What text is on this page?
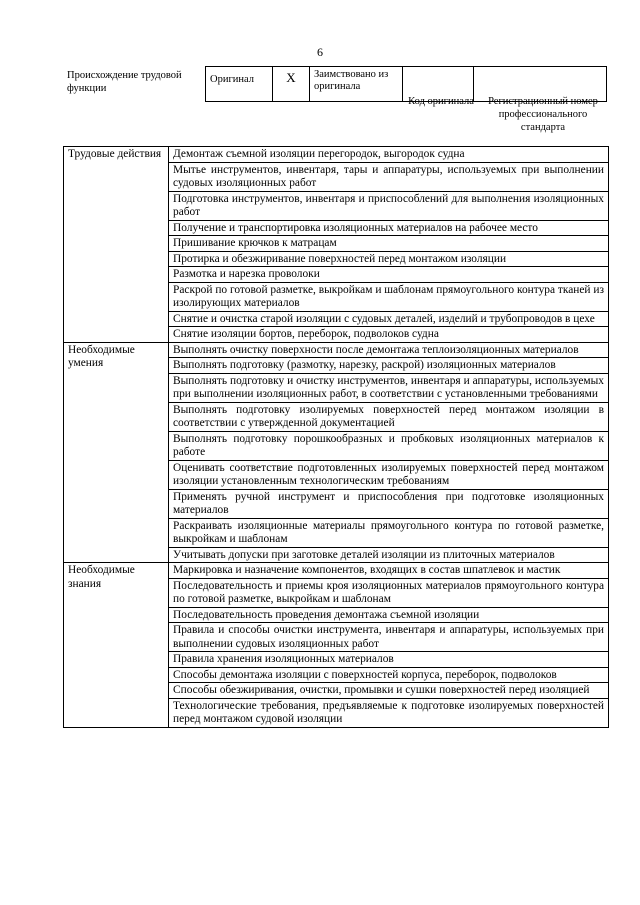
6
Происхождение трудовой функции
Оригинал	X	Заимствовано из оригинала		
Код оригинала	Регистрационный номер профессионального стандарта
Трудовые действия	Демонтаж съемной изоляции перегородок, выгородок судна
	Мытье инструментов, инвентаря, тары и аппаратуры, используемых при выполнении судовых изоляционных работ
	Подготовка инструментов, инвентаря и приспособлений для выполнения изоляционных работ
	Получение и транспортировка изоляционных материалов на рабочее место
	Пришивание крючков к матрацам
	Протирка и обезжиривание поверхностей перед монтажом изоляции
	Размотка и нарезка проволоки
	Раскрой по готовой разметке, выкройкам и шаблонам прямоугольного контура тканей из изолирующих материалов
	Снятие и очистка старой изоляции с судовых деталей, изделий и трубопроводов в цехе
	Снятие изоляции бортов, переборок, подволоков судна
Необходимые умения	Выполнять очистку поверхности после демонтажа теплоизоляционных материалов
	Выполнять подготовку (размотку, нарезку, раскрой) изоляционных материалов
	Выполнять подготовку и очистку инструментов, инвентаря и аппаратуры, используемых при выполнении изоляционных работ, в соответствии с установленными требованиями
	Выполнять подготовку изолируемых поверхностей перед монтажом изоляции в соответствии с утвержденной документацией
	Выполнять подготовку порошкообразных и пробковых изоляционных материалов к работе
	Оценивать соответствие подготовленных изолируемых поверхностей перед монтажом изоляции установленным технологическим требованиям
	Применять ручной инструмент и приспособления при подготовке изоляционных материалов
	Раскраивать изоляционные материалы прямоугольного контура по готовой разметке, выкройкам и шаблонам
	Учитывать допуски при заготовке деталей изоляции из плиточных материалов
Необходимые знания	Маркировка и назначение компонентов, входящих в состав шпатлевок и мастик
	Последовательность и приемы кроя изоляционных материалов прямоугольного контура по готовой разметке, выкройкам и шаблонам
	Последовательность проведения демонтажа съемной изоляции
	Правила и способы очистки инструмента, инвентаря и аппаратуры, используемых при выполнении судовых изоляционных работ
	Правила хранения изоляционных материалов
	Способы демонтажа изоляции с поверхностей корпуса, переборок, подволоков
	Способы обезжиривания, очистки, промывки и сушки поверхностей перед изоляцией
	Технологические требования, предъявляемые к подготовке изолируемых поверхностей перед монтажом судовой изоляции
